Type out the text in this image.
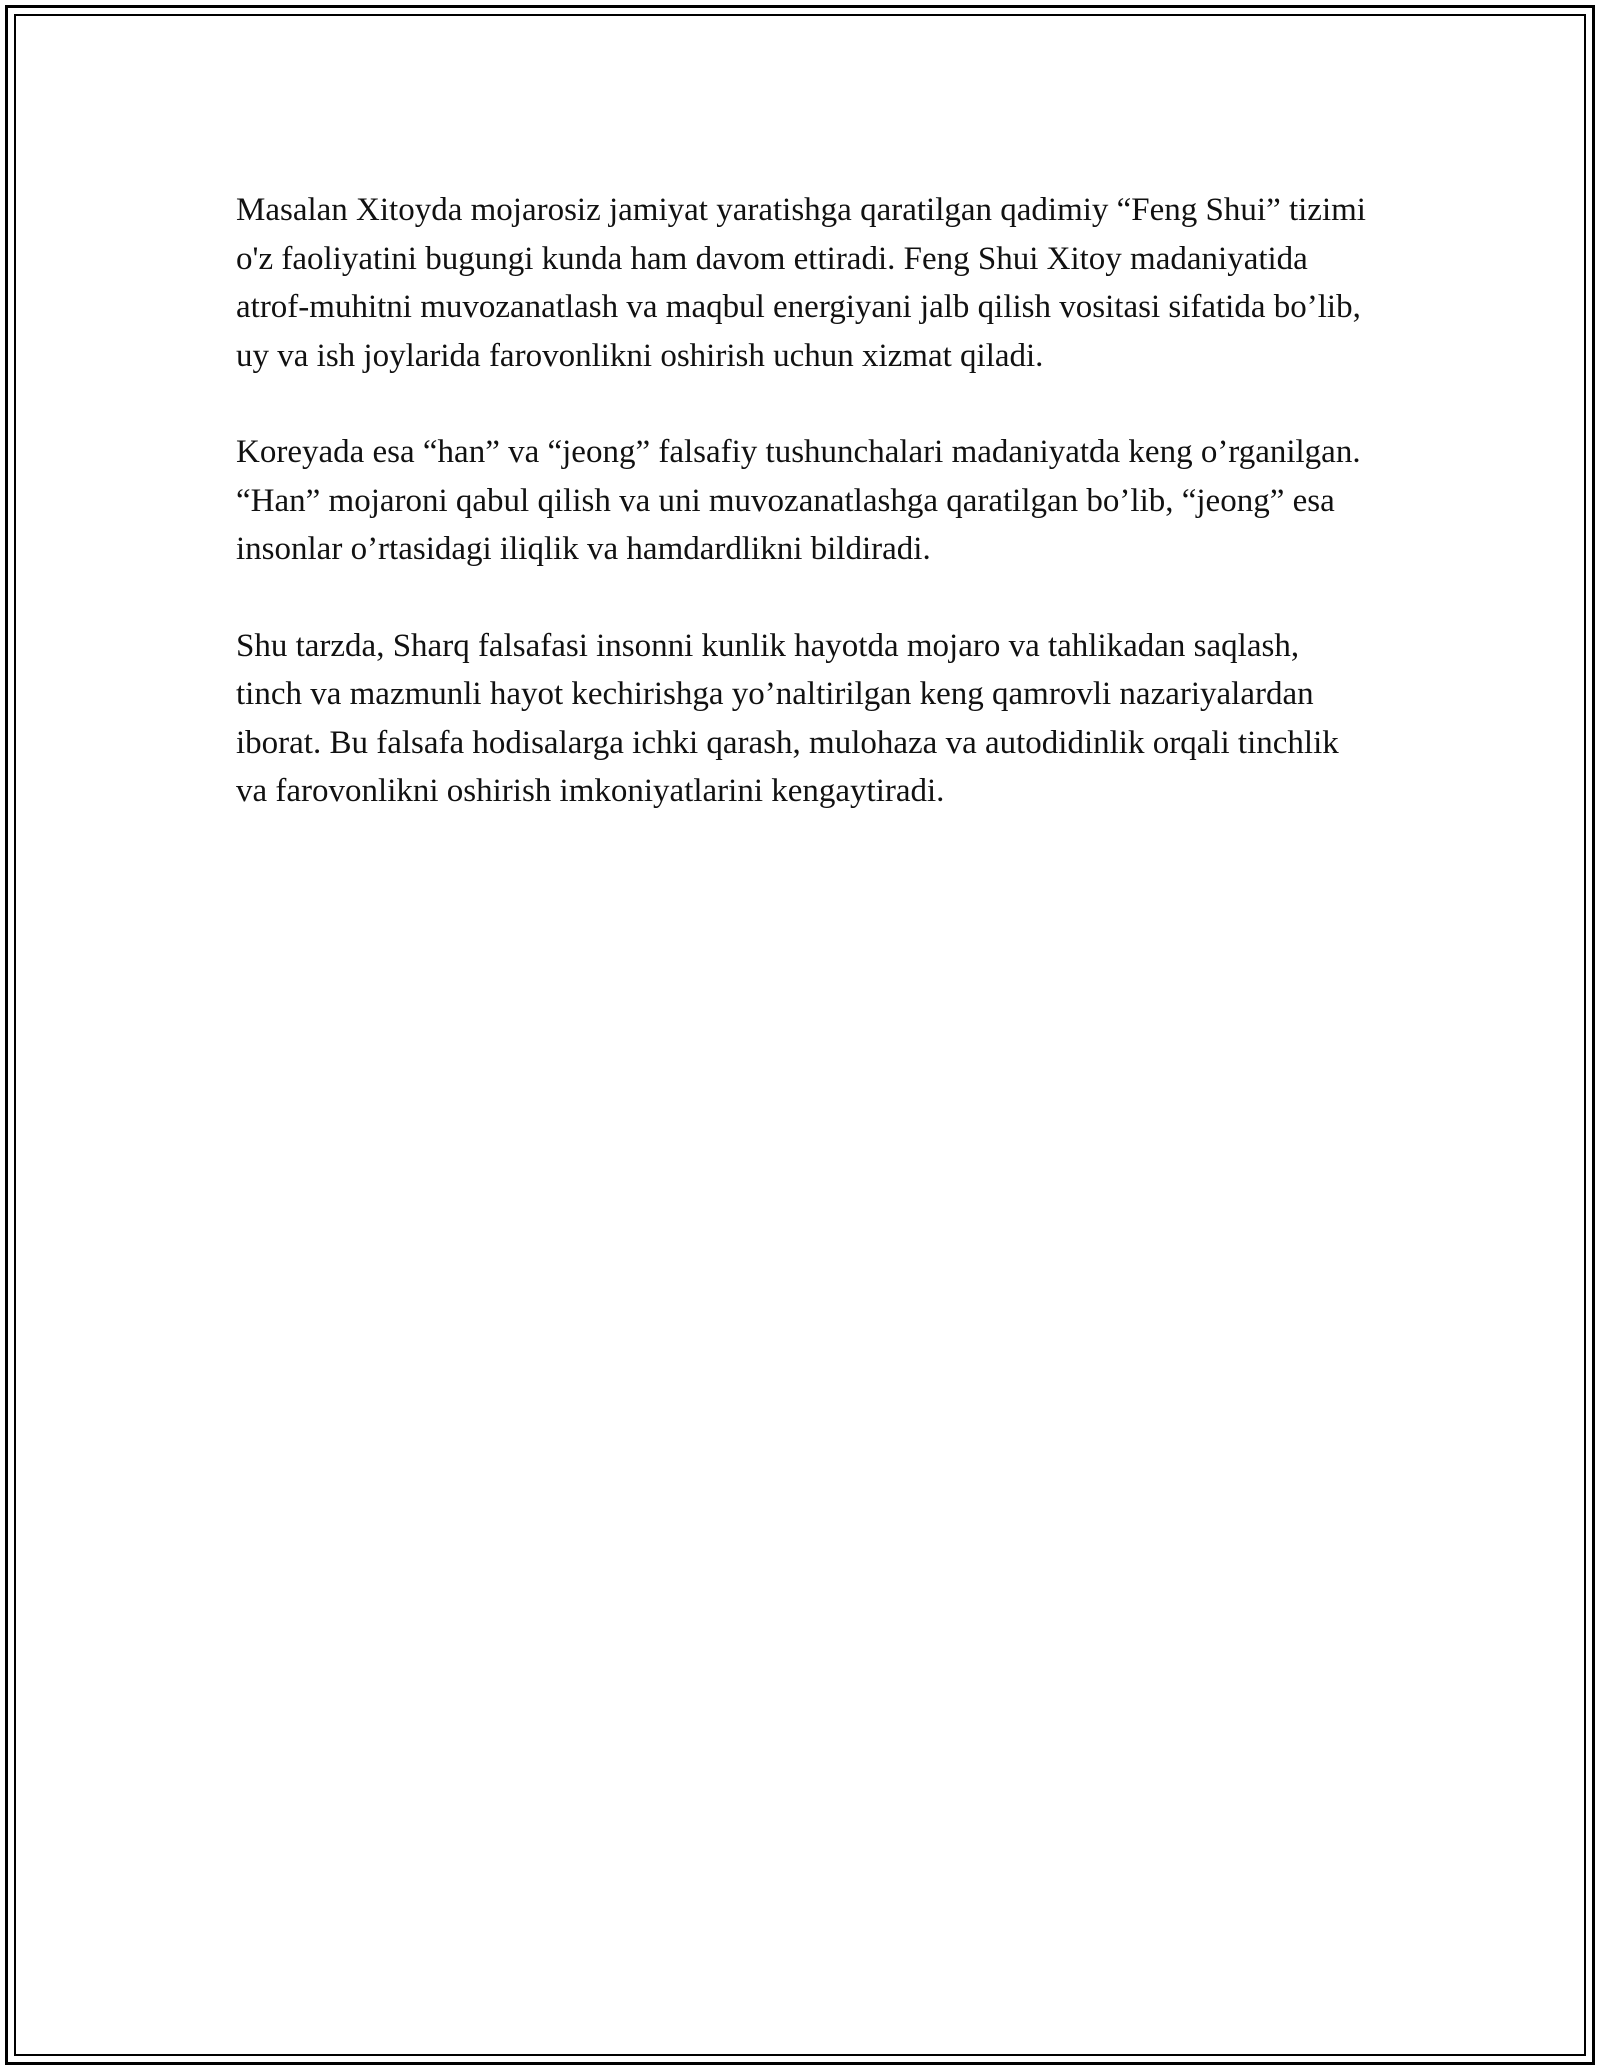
Masalan Xitoyda mojarosiz jamiyat yaratishga qaratilgan qadimiy “Feng Shui” tizimi o'z faoliyatini bugungi kunda ham davom ettiradi. Feng Shui Xitoy madaniyatida atrof-muhitni muvozanatlash va maqbul energiyani jalb qilish vositasi sifatida bo’lib, uy va ish joylarida farovonlikni oshirish uchun xizmat qiladi.

Koreyada esa “han” va “jeong” falsafiy tushunchalari madaniyatda keng o’rganilgan. “Han” mojaroni qabul qilish va uni muvozanatlashga qaratilgan bo’lib, “jeong” esa insonlar o’rtasidagi iliqlik va hamdardlikni bildiradi.

Shu tarzda, Sharq falsafasi insonni kunlik hayotda mojaro va tahlikadan saqlash, tinch va mazmunli hayot kechirishga yo’naltirilgan keng qamrovli nazariyalardan iborat. Bu falsafa hodisalarga ichki qarash, mulohaza va autodidinlik orqali tinchlik va farovonlikni oshirish imkoniyatlarini kengaytiradi.
